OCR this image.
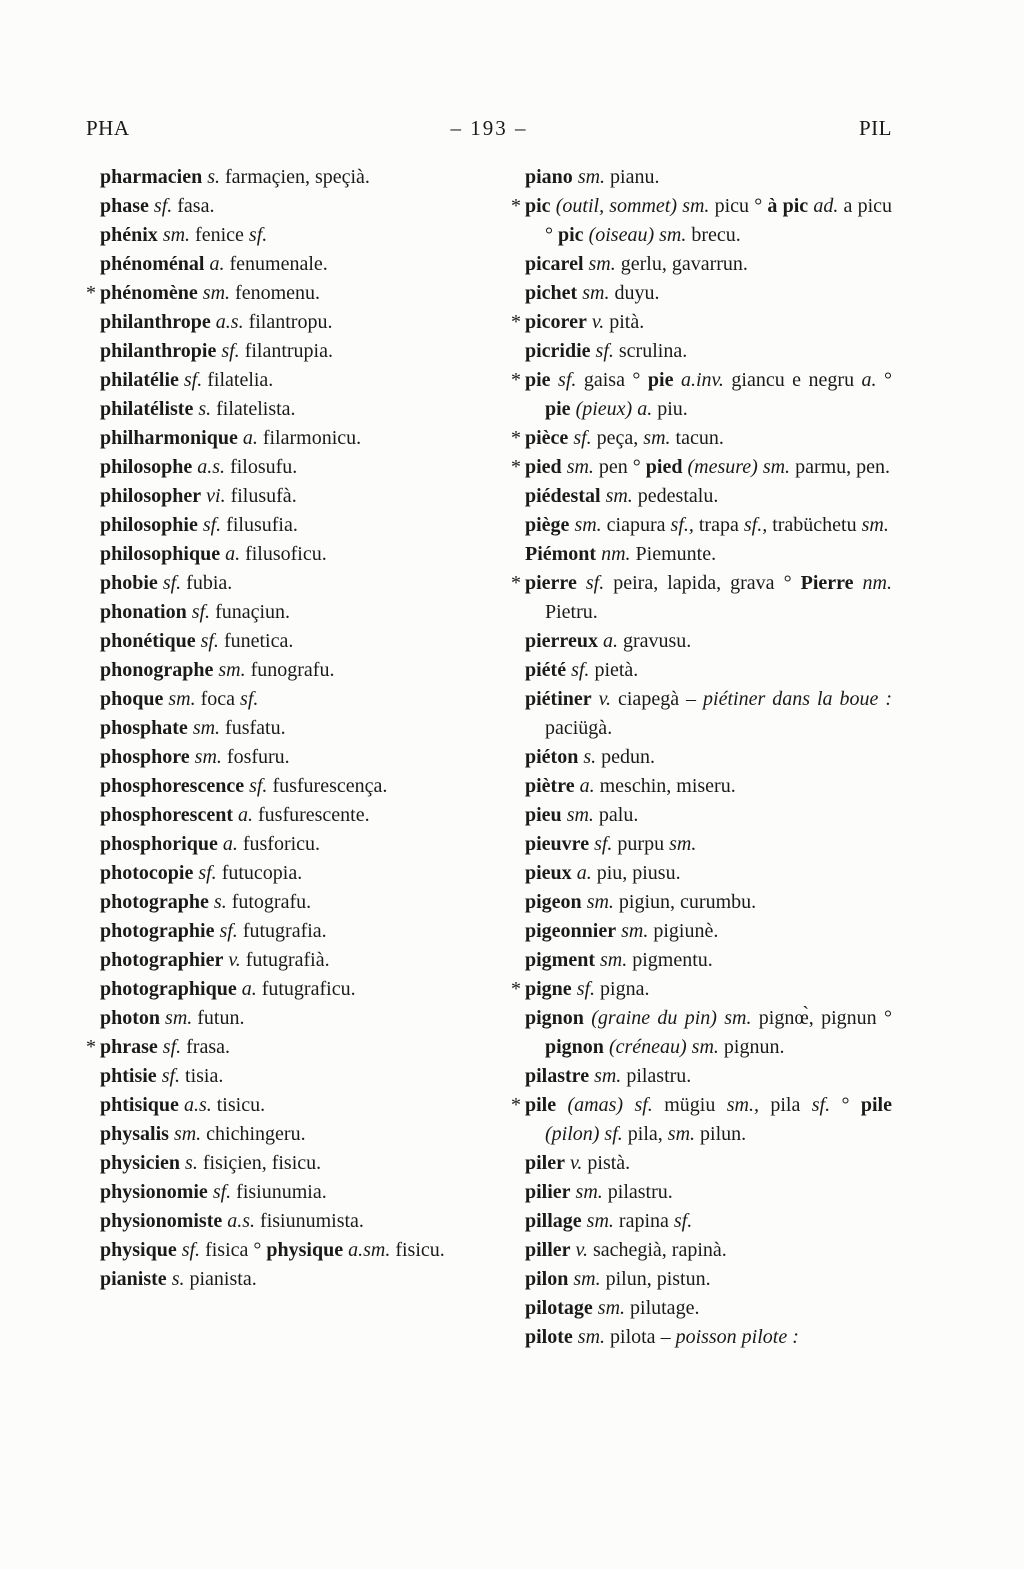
PHA	– 193 –	PIL

pharmacien s. farmaçien, speçià.

phase sf. fasa.

phénix sm. fenice sf.

phénoménal a. fenumenale.

* phénomène sm. fenomenu.

philanthrope a.s. filantropu.

philanthropie sf. filantrupia.

philatélie sf. filatelia.

philatéliste s. filatelista.

philharmonique a. filarmonicu.

philosophe a.s. filosufu.

philosopher vi. filusufà.

philosophie sf. filusufia.

philosophique a. filusoficu.

phobie sf. fubia.

phonation sf. funaçiun.

phonétique sf. funetica.

phonographe sm. funografu.

phoque sm. foca sf.

phosphate sm. fusfatu.

phosphore sm. fosfuru.

phosphorescence sf. fusfurescença.

phosphorescent a. fusfurescente.

phosphorique a. fusforicu.

photocopie sf. futucopia.

photographe s. futografu.

photographie sf. futugrafia.

photographier v. futugrafià.

photographique a. futugraficu.

photon sm. futun.

* phrase sf. frasa.

phtisie sf. tisia.

phtisique a.s. tisicu.

physalis sm. chichingeru.

physicien s. fisiçien, fisicu.

physionomie sf. fisiunumia.

physionomiste a.s. fisiunumista.

physique sf. fisica ° physique a.sm. fisicu.

pianiste s. pianista.

piano sm. pianu.

* pic (outil, sommet) sm. picu ° à pic ad. a picu ° pic (oiseau) sm. brecu.

picarel sm. gerlu, gavarrun.

pichet sm. duyu.

* picorer v. pità.

picridie sf. scrulina.

* pie sf. gaisa ° pie a.inv. giancu e negru a. ° pie (pieux) a. piu.

* pièce sf. peça, sm. tacun.

* pied sm. pen ° pied (mesure) sm. parmu, pen.

piédestal sm. pedestalu.

piège sm. ciapura sf., trapa sf., trabüchetu sm.

Piémont nm. Piemunte.

* pierre sf. peira, lapida, grava ° Pierre nm. Pietru.

pierreux a. gravusu.

piété sf. pietà.

piétiner v. ciapegà – piétiner dans la boue : paciügà.

piéton s. pedun.

piètre a. meschin, miseru.

pieu sm. palu.

pieuvre sf. purpu sm.

pieux a. piu, piusu.

pigeon sm. pigiun, curumbu.

pigeonnier sm. pigiunè.

pigment sm. pigmentu.

* pigne sf. pigna.

pignon (graine du pin) sm. pignœ̀, pignun ° pignon (créneau) sm. pignun.

pilastre sm. pilastru.

* pile (amas) sf. mügiu sm., pila sf. ° pile (pilon) sf. pila, sm. pilun.

piler v. pistà.

pilier sm. pilastru.

pillage sm. rapina sf.

piller v. sachegià, rapinà.

pilon sm. pilun, pistun.

pilotage sm. pilutage.

pilote sm. pilota – poisson pilote :
